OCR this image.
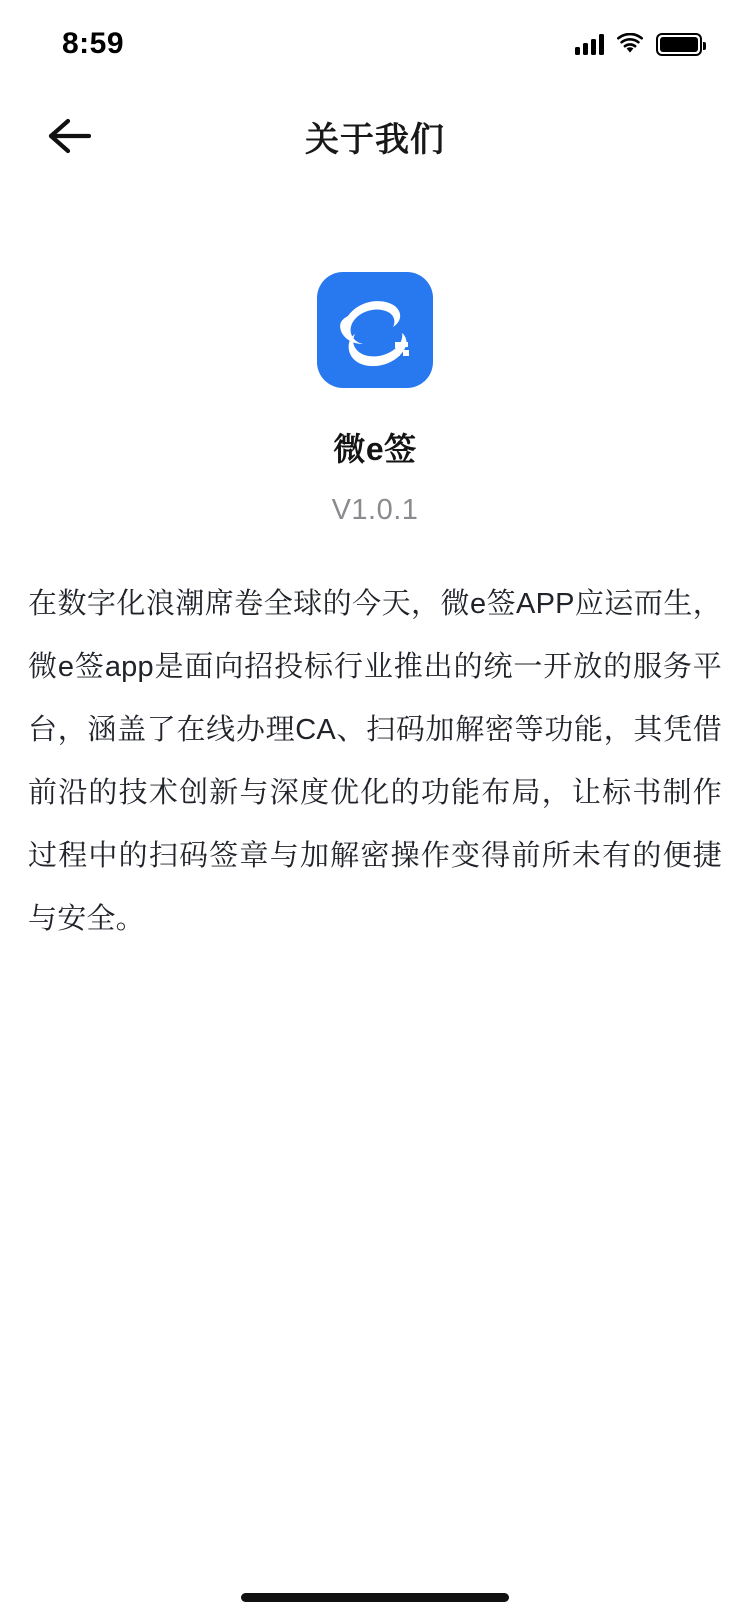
8:59
关于我们
微e签
V1.0.1
在数字化浪潮席卷全球的今天，微e签APP应运而生，微e签app是面向招投标行业推出的统一开放的服务平台，涵盖了在线办理CA、扫码加解密等功能，其凭借前沿的技术创新与深度优化的功能布局，让标书制作过程中的扫码签章与加解密操作变得前所未有的便捷与安全。
